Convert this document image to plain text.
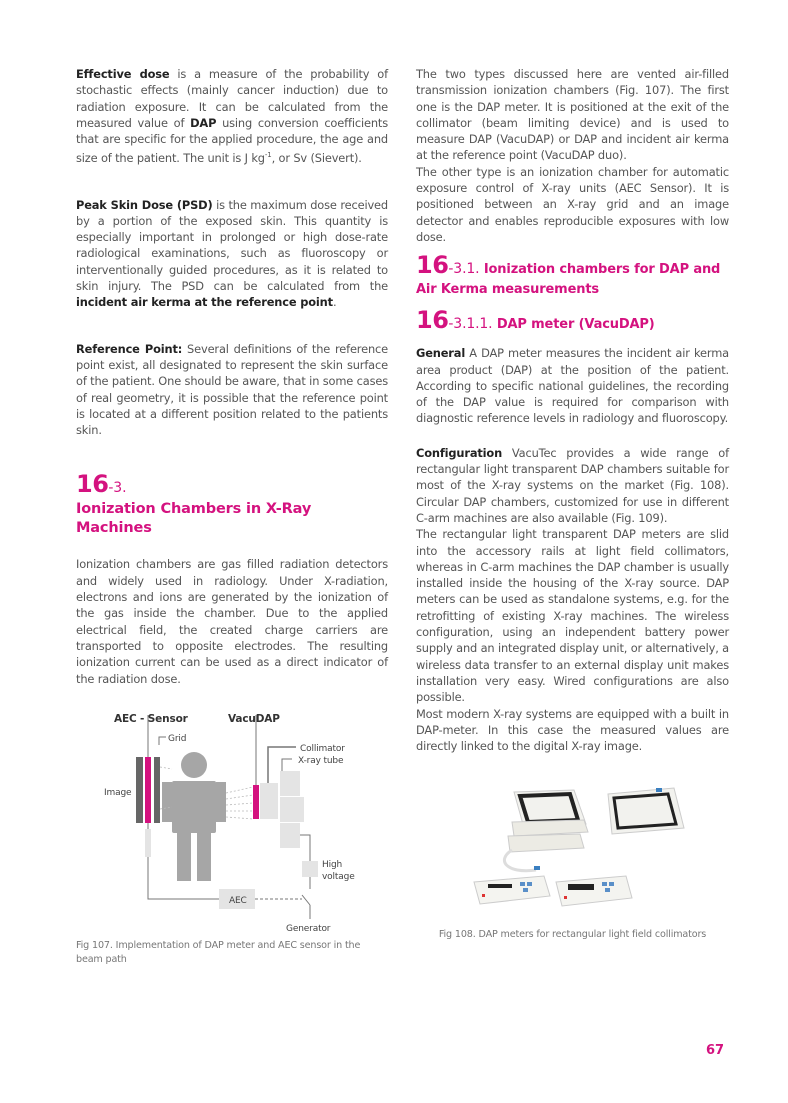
Effective dose is a measure of the probability of stochastic effects (mainly cancer induction) due to radiation exposure. It can be calculated from the measured value of DAP using conversion coefficients that are specific for the applied procedure, the age and size of the patient. The unit is J $kg^{-1}$, or Sv (Sievert).

Peak Skin Dose (PSD) is the maximum dose received by a portion of the exposed skin. This quantity is especially important in prolonged or high dose-rate radiological examinations, such as fluoroscopy or interventionally guided procedures, as it is related to skin injury. The PSD can be calculated from the incident air kerma at the reference point.

Reference Point: Several definitions of the reference point exist, all designated to represent the skin surface of the patient. One should be aware, that in some cases of real geometry, it is possible that the reference point is located at a different position related to the patients skin.

16-3.
Ionization Chambers in X-Ray Machines

Ionization chambers are gas filled radiation detectors and widely used in radiology. Under X-radiation, electrons and ions are generated by the ionization of the gas inside the chamber. Due to the applied electrical field, the created charge carriers are transported to opposite electrodes. The resulting ionization current can be used as a direct indicator of the radiation dose.

AEC - Sensor	VacuDAP
Collimator
X-ray tube
Grid
Image
High
voltage
AEC
Generator

Fig 107. Implementation of DAP meter and AEC sensor in the beam path

The two types discussed here are vented air-filled transmission ionization chambers (Fig. 107). The first one is the DAP meter. It is positioned at the exit of the collimator (beam limiting device) and is used to measure DAP (VacuDAP) or DAP and incident air kerma at the reference point (VacuDAP duo).

The other type is an ionization chamber for automatic exposure control of X-ray units (AEC Sensor). It is positioned between an X-ray grid and an image detector and enables reproducible exposures with low dose.

16-3.1. Ionization chambers for DAP and Air Kerma measurements
16-3.1.1. DAP meter (VacuDAP)

General A DAP meter measures the incident air kerma area product (DAP) at the position of the patient. According to specific national guidelines, the recording of the DAP value is required for comparison with diagnostic reference levels in radiology and fluoroscopy.

Configuration VacuTec provides a wide range of rectangular light transparent DAP chambers suitable for most of the X-ray systems on the market (Fig. 108). Circular DAP chambers, customized for use in different C-arm machines are also available (Fig. 109).

The rectangular light transparent DAP meters are slid into the accessory rails at light field collimators, whereas in C-arm machines the DAP chamber is usually installed inside the housing of the X-ray source. DAP meters can be used as standalone systems, e.g. for the retrofitting of existing X-ray machines. The wireless configuration, using an independent battery power supply and an integrated display unit, or alternatively, a wireless data transfer to an external display unit makes installation very easy. Wired configurations are also possible.

Most modern X-ray systems are equipped with a built in DAP-meter. In this case the measured values are directly linked to the digital X-ray image.

Fig 108. DAP meters for rectangular light field collimators

67
